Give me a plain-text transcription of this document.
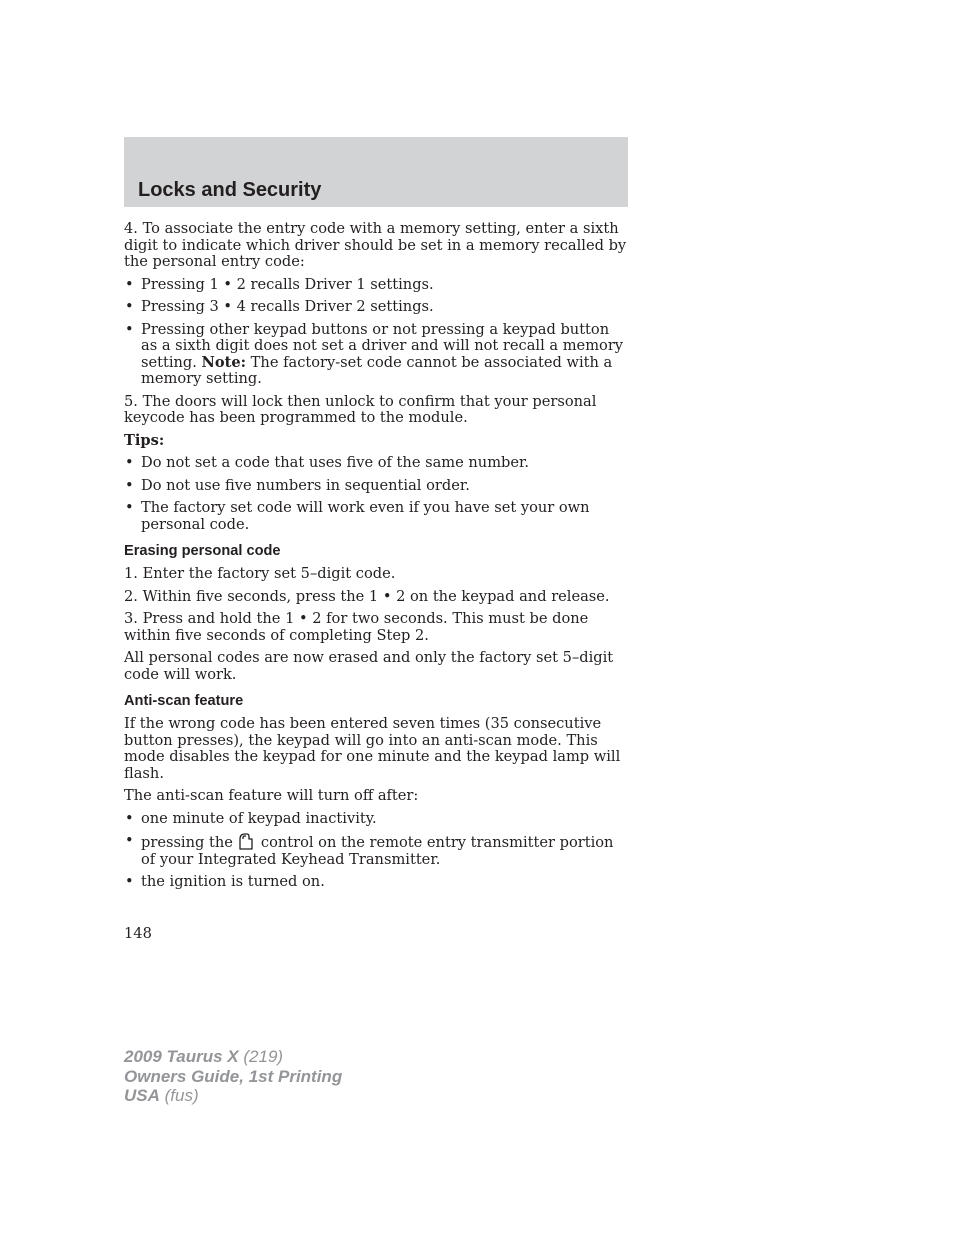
Locks and Security

4. To associate the entry code with a memory setting, enter a sixth digit to indicate which driver should be set in a memory recalled by the personal entry code:

• Pressing 1 • 2 recalls Driver 1 settings.
• Pressing 3 • 4 recalls Driver 2 settings.
• Pressing other keypad buttons or not pressing a keypad button as a sixth digit does not set a driver and will not recall a memory setting. Note: The factory-set code cannot be associated with a memory setting.

5. The doors will lock then unlock to confirm that your personal keycode has been programmed to the module.

Tips:

• Do not set a code that uses five of the same number.
• Do not use five numbers in sequential order.
• The factory set code will work even if you have set your own personal code.
Erasing personal code

1. Enter the factory set 5–digit code.

2. Within five seconds, press the 1 • 2 on the keypad and release.

3. Press and hold the 1 • 2 for two seconds. This must be done within five seconds of completing Step 2.

All personal codes are now erased and only the factory set 5–digit code will work.

Anti-scan feature

If the wrong code has been entered seven times (35 consecutive button presses), the keypad will go into an anti-scan mode. This mode disables the keypad for one minute and the keypad lamp will flash.

The anti-scan feature will turn off after:

• one minute of keypad inactivity.
• pressing the control on the remote entry transmitter portion of your Integrated Keyhead Transmitter.
• the ignition is turned on.
148
2009 Taurus X (219)
Owners Guide, 1st Printing
USA (fus)
